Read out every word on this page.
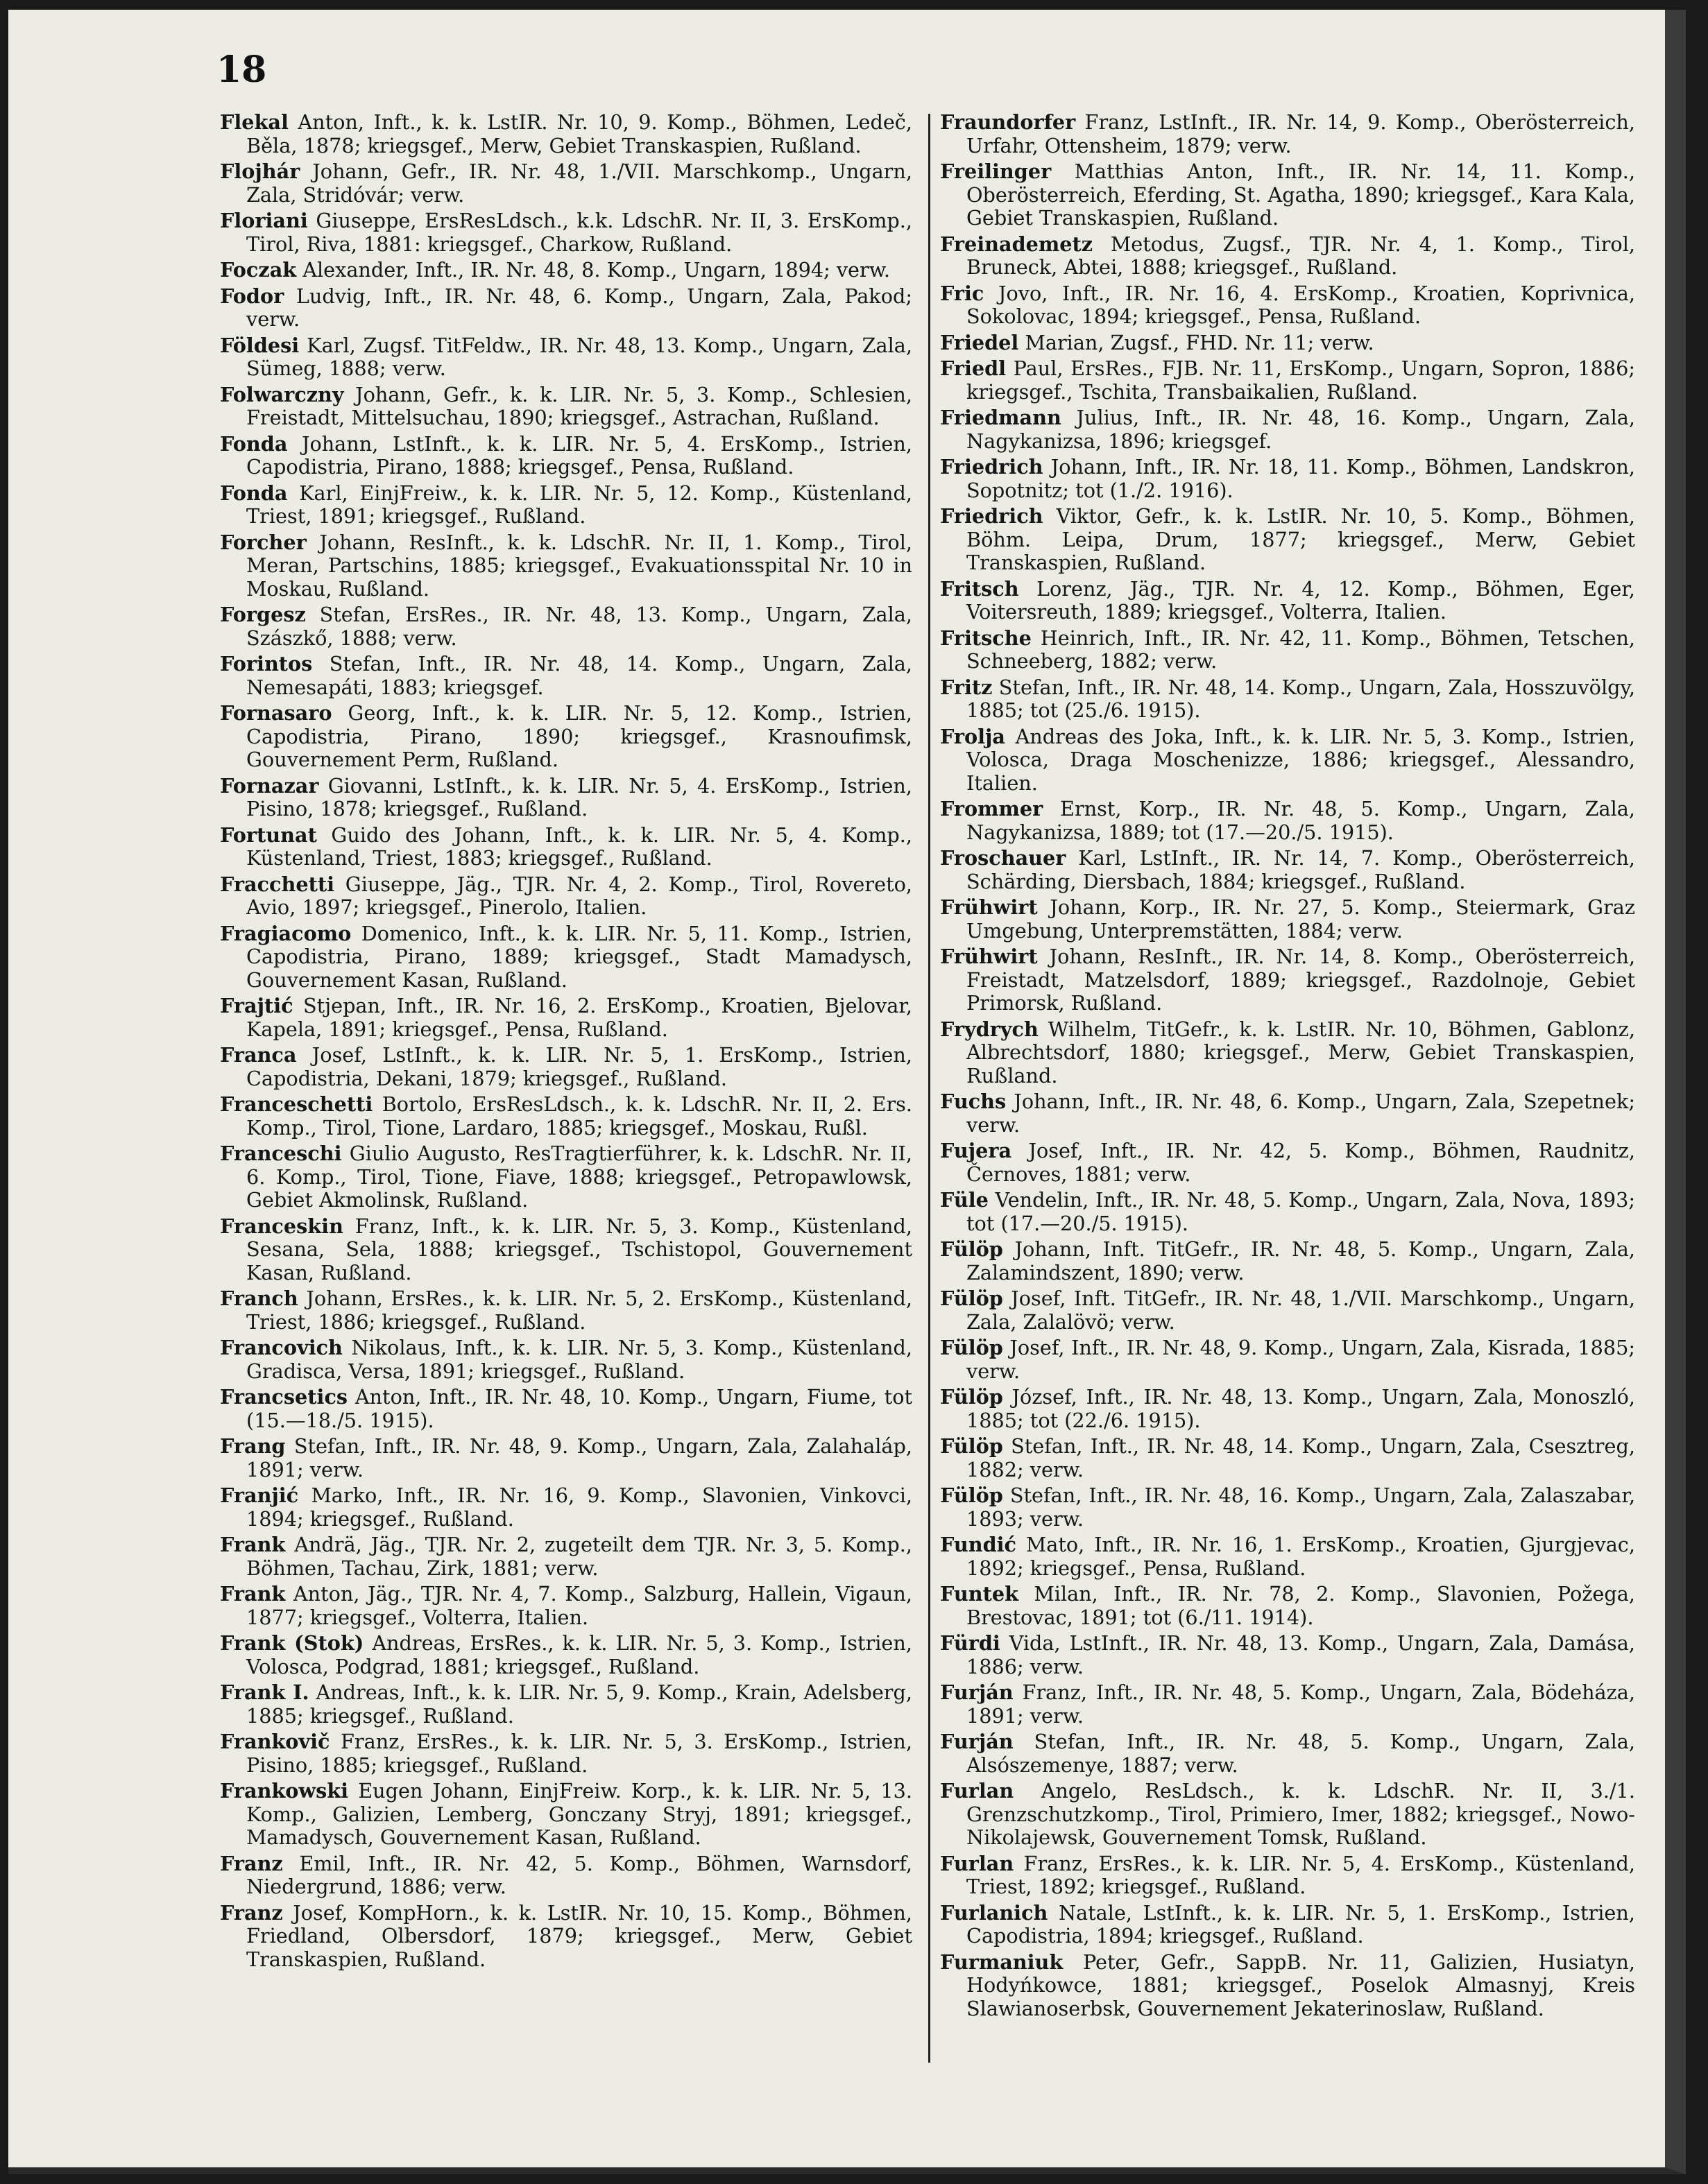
18

Flekal Anton, Inft., k. k. LstIR. Nr. 10, 9. Komp., Böhmen, Ledeč, Běla, 1878; kriegsgef., Merw, Gebiet Transkaspien, Rußland.

Flojhár Johann, Gefr., IR. Nr. 48, 1./VII. Marschkomp., Ungarn, Zala, Stridóvár; verw.

Floriani Giuseppe, ErsResLdsch., k.k. LdschR. Nr. II, 3. ErsKomp., Tirol, Riva, 1881: kriegsgef., Charkow, Rußland.

Foczak Alexander, Inft., IR. Nr. 48, 8. Komp., Ungarn, 1894; verw.

Fodor Ludvig, Inft., IR. Nr. 48, 6. Komp., Ungarn, Zala, Pakod; verw.

Földesi Karl, Zugsf. TitFeldw., IR. Nr. 48, 13. Komp., Ungarn, Zala, Sümeg, 1888; verw.

Folwarczny Johann, Gefr., k. k. LIR. Nr. 5, 3. Komp., Schlesien, Freistadt, Mittelsuchau, 1890; kriegsgef., Astrachan, Rußland.

Fonda Johann, LstInft., k. k. LIR. Nr. 5, 4. ErsKomp., Istrien, Capodistria, Pirano, 1888; kriegsgef., Pensa, Rußland.

Fonda Karl, EinjFreiw., k. k. LIR. Nr. 5, 12. Komp., Küstenland, Triest, 1891; kriegsgef., Rußland.

Forcher Johann, ResInft., k. k. LdschR. Nr. II, 1. Komp., Tirol, Meran, Partschins, 1885; kriegsgef., Evakuationsspital Nr. 10 in Moskau, Rußland.

Forgesz Stefan, ErsRes., IR. Nr. 48, 13. Komp., Ungarn, Zala, Szászkő, 1888; verw.

Forintos Stefan, Inft., IR. Nr. 48, 14. Komp., Ungarn, Zala, Nemesapáti, 1883; kriegsgef.

Fornasaro Georg, Inft., k. k. LIR. Nr. 5, 12. Komp., Istrien, Capodistria, Pirano, 1890; kriegsgef., Krasnoufimsk, Gouvernement Perm, Rußland.

Fornazar Giovanni, LstInft., k. k. LIR. Nr. 5, 4. ErsKomp., Istrien, Pisino, 1878; kriegsgef., Rußland.

Fortunat Guido des Johann, Inft., k. k. LIR. Nr. 5, 4. Komp., Küstenland, Triest, 1883; kriegsgef., Rußland.

Fracchetti Giuseppe, Jäg., TJR. Nr. 4, 2. Komp., Tirol, Rovereto, Avio, 1897; kriegsgef., Pinerolo, Italien.

Fragiacomo Domenico, Inft., k. k. LIR. Nr. 5, 11. Komp., Istrien, Capodistria, Pirano, 1889; kriegsgef., Stadt Mamadysch, Gouvernement Kasan, Rußland.

Frajtić Stjepan, Inft., IR. Nr. 16, 2. ErsKomp., Kroatien, Bjelovar, Kapela, 1891; kriegsgef., Pensa, Rußland.

Franca Josef, LstInft., k. k. LIR. Nr. 5, 1. ErsKomp., Istrien, Capodistria, Dekani, 1879; kriegsgef., Rußland.

Franceschetti Bortolo, ErsResLdsch., k. k. LdschR. Nr. II, 2. Ers. Komp., Tirol, Tione, Lardaro, 1885; kriegsgef., Moskau, Rußl.

Franceschi Giulio Augusto, ResTragtierführer, k. k. LdschR. Nr. II, 6. Komp., Tirol, Tione, Fiave, 1888; kriegsgef., Petropawlowsk, Gebiet Akmolinsk, Rußland.

Franceskin Franz, Inft., k. k. LIR. Nr. 5, 3. Komp., Küstenland, Sesana, Sela, 1888; kriegsgef., Tschistopol, Gouvernement Kasan, Rußland.

Franch Johann, ErsRes., k. k. LIR. Nr. 5, 2. ErsKomp., Küstenland, Triest, 1886; kriegsgef., Rußland.

Francovich Nikolaus, Inft., k. k. LIR. Nr. 5, 3. Komp., Küstenland, Gradisca, Versa, 1891; kriegsgef., Rußland.

Francsetics Anton, Inft., IR. Nr. 48, 10. Komp., Ungarn, Fiume, tot (15.—18./5. 1915).

Frang Stefan, Inft., IR. Nr. 48, 9. Komp., Ungarn, Zala, Zalahaláp, 1891; verw.

Franjić Marko, Inft., IR. Nr. 16, 9. Komp., Slavonien, Vinkovci, 1894; kriegsgef., Rußland.

Frank Andrä, Jäg., TJR. Nr. 2, zugeteilt dem TJR. Nr. 3, 5. Komp., Böhmen, Tachau, Zirk, 1881; verw.

Frank Anton, Jäg., TJR. Nr. 4, 7. Komp., Salzburg, Hallein, Vigaun, 1877; kriegsgef., Volterra, Italien.

Frank (Stok) Andreas, ErsRes., k. k. LIR. Nr. 5, 3. Komp., Istrien, Volosca, Podgrad, 1881; kriegsgef., Rußland.

Frank I. Andreas, Inft., k. k. LIR. Nr. 5, 9. Komp., Krain, Adelsberg, 1885; kriegsgef., Rußland.

Frankovič Franz, ErsRes., k. k. LIR. Nr. 5, 3. ErsKomp., Istrien, Pisino, 1885; kriegsgef., Rußland.

Frankowski Eugen Johann, EinjFreiw. Korp., k. k. LIR. Nr. 5, 13. Komp., Galizien, Lemberg, Gonczany Stryj, 1891; kriegsgef., Mamadysch, Gouvernement Kasan, Rußland.

Franz Emil, Inft., IR. Nr. 42, 5. Komp., Böhmen, Warnsdorf, Niedergrund, 1886; verw.

Franz Josef, KompHorn., k. k. LstIR. Nr. 10, 15. Komp., Böhmen, Friedland, Olbersdorf, 1879; kriegsgef., Merw, Gebiet Transkaspien, Rußland.

Fraundorfer Franz, LstInft., IR. Nr. 14, 9. Komp., Oberösterreich, Urfahr, Ottensheim, 1879; verw.

Freilinger Matthias Anton, Inft., IR. Nr. 14, 11. Komp., Oberösterreich, Eferding, St. Agatha, 1890; kriegsgef., Kara Kala, Gebiet Transkaspien, Rußland.

Freinademetz Metodus, Zugsf., TJR. Nr. 4, 1. Komp., Tirol, Bruneck, Abtei, 1888; kriegsgef., Rußland.

Fric Jovo, Inft., IR. Nr. 16, 4. ErsKomp., Kroatien, Koprivnica, Sokolovac, 1894; kriegsgef., Pensa, Rußland.

Friedel Marian, Zugsf., FHD. Nr. 11; verw.

Friedl Paul, ErsRes., FJB. Nr. 11, ErsKomp., Ungarn, Sopron, 1886; kriegsgef., Tschita, Transbaikalien, Rußland.

Friedmann Julius, Inft., IR. Nr. 48, 16. Komp., Ungarn, Zala, Nagykanizsa, 1896; kriegsgef.

Friedrich Johann, Inft., IR. Nr. 18, 11. Komp., Böhmen, Landskron, Sopotnitz; tot (1./2. 1916).

Friedrich Viktor, Gefr., k. k. LstIR. Nr. 10, 5. Komp., Böhmen, Böhm. Leipa, Drum, 1877; kriegsgef., Merw, Gebiet Transkaspien, Rußland.

Fritsch Lorenz, Jäg., TJR. Nr. 4, 12. Komp., Böhmen, Eger, Voitersreuth, 1889; kriegsgef., Volterra, Italien.

Fritsche Heinrich, Inft., IR. Nr. 42, 11. Komp., Böhmen, Tetschen, Schneeberg, 1882; verw.

Fritz Stefan, Inft., IR. Nr. 48, 14. Komp., Ungarn, Zala, Hosszuvölgy, 1885; tot (25./6. 1915).

Frolja Andreas des Joka, Inft., k. k. LIR. Nr. 5, 3. Komp., Istrien, Volosca, Draga Moschenizze, 1886; kriegsgef., Alessandro, Italien.

Frommer Ernst, Korp., IR. Nr. 48, 5. Komp., Ungarn, Zala, Nagykanizsa, 1889; tot (17.—20./5. 1915).

Froschauer Karl, LstInft., IR. Nr. 14, 7. Komp., Oberösterreich, Schärding, Diersbach, 1884; kriegsgef., Rußland.

Frühwirt Johann, Korp., IR. Nr. 27, 5. Komp., Steiermark, Graz Umgebung, Unterpremstätten, 1884; verw.

Frühwirt Johann, ResInft., IR. Nr. 14, 8. Komp., Oberösterreich, Freistadt, Matzelsdorf, 1889; kriegsgef., Razdolnoje, Gebiet Primorsk, Rußland.

Frydrych Wilhelm, TitGefr., k. k. LstIR. Nr. 10, Böhmen, Gablonz, Albrechtsdorf, 1880; kriegsgef., Merw, Gebiet Transkaspien, Rußland.

Fuchs Johann, Inft., IR. Nr. 48, 6. Komp., Ungarn, Zala, Szepetnek; verw.

Fujera Josef, Inft., IR. Nr. 42, 5. Komp., Böhmen, Raudnitz, Černoves, 1881; verw.

Füle Vendelin, Inft., IR. Nr. 48, 5. Komp., Ungarn, Zala, Nova, 1893; tot (17.—20./5. 1915).

Fülöp Johann, Inft. TitGefr., IR. Nr. 48, 5. Komp., Ungarn, Zala, Zalamindszent, 1890; verw.

Fülöp Josef, Inft. TitGefr., IR. Nr. 48, 1./VII. Marschkomp., Ungarn, Zala, Zalalövö; verw.

Fülöp Josef, Inft., IR. Nr. 48, 9. Komp., Ungarn, Zala, Kisrada, 1885; verw.

Fülöp József, Inft., IR. Nr. 48, 13. Komp., Ungarn, Zala, Monoszló, 1885; tot (22./6. 1915).

Fülöp Stefan, Inft., IR. Nr. 48, 14. Komp., Ungarn, Zala, Csesztreg, 1882; verw.

Fülöp Stefan, Inft., IR. Nr. 48, 16. Komp., Ungarn, Zala, Zalaszabar, 1893; verw.

Fundić Mato, Inft., IR. Nr. 16, 1. ErsKomp., Kroatien, Gjurgjevac, 1892; kriegsgef., Pensa, Rußland.

Funtek Milan, Inft., IR. Nr. 78, 2. Komp., Slavonien, Požega, Brestovac, 1891; tot (6./11. 1914).

Fürdi Vida, LstInft., IR. Nr. 48, 13. Komp., Ungarn, Zala, Damása, 1886; verw.

Furján Franz, Inft., IR. Nr. 48, 5. Komp., Ungarn, Zala, Bödeháza, 1891; verw.

Furján Stefan, Inft., IR. Nr. 48, 5. Komp., Ungarn, Zala, Alsószemenye, 1887; verw.

Furlan Angelo, ResLdsch., k. k. LdschR. Nr. II, 3./1. Grenzschutzkomp., Tirol, Primiero, Imer, 1882; kriegsgef., Nowo-Nikolajewsk, Gouvernement Tomsk, Rußland.

Furlan Franz, ErsRes., k. k. LIR. Nr. 5, 4. ErsKomp., Küstenland, Triest, 1892; kriegsgef., Rußland.

Furlanich Natale, LstInft., k. k. LIR. Nr. 5, 1. ErsKomp., Istrien, Capodistria, 1894; kriegsgef., Rußland.

Furmaniuk Peter, Gefr., SappB. Nr. 11, Galizien, Husiatyn, Hodyńkowce, 1881; kriegsgef., Poselok Almasnyj, Kreis Slawianoserbsk, Gouvernement Jekaterinoslaw, Rußland.
